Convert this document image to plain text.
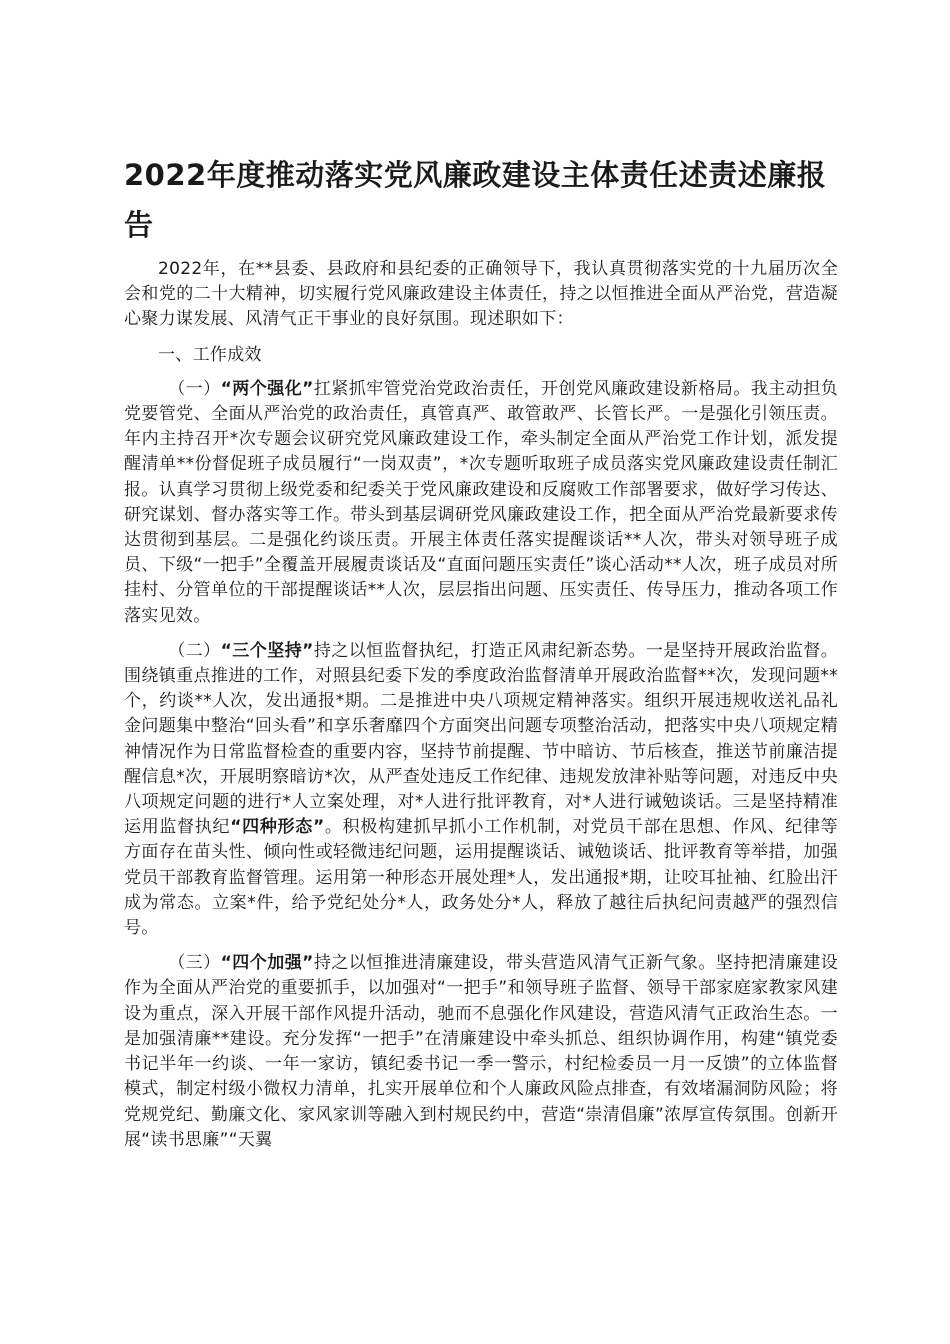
2022年度推动落实党风廉政建设主体责任述责述廉报告

2022年，在**县委、县政府和县纪委的正确领导下，我认真贯彻落实党的十九届历次全会和党的二十大精神，切实履行党风廉政建设主体责任，持之以恒推进全面从严治党，营造凝心聚力谋发展、风清气正干事业的良好氛围。现述职如下：

一、工作成效

（一）“两个强化”扛紧抓牢管党治党政治责任，开创党风廉政建设新格局。我主动担负党要管党、全面从严治党的政治责任，真管真严、敢管敢严、长管长严。一是强化引领压责。年内主持召开*次专题会议研究党风廉政建设工作，牵头制定全面从严治党工作计划，派发提醒清单**份督促班子成员履行“一岗双责”，*次专题听取班子成员落实党风廉政建设责任制汇报。认真学习贯彻上级党委和纪委关于党风廉政建设和反腐败工作部署要求，做好学习传达、研究谋划、督办落实等工作。带头到基层调研党风廉政建设工作，把全面从严治党最新要求传达贯彻到基层。二是强化约谈压责。开展主体责任落实提醒谈话**人次，带头对领导班子成员、下级“一把手”全覆盖开展履责谈话及“直面问题压实责任”谈心活动**人次，班子成员对所挂村、分管单位的干部提醒谈话**人次，层层指出问题、压实责任、传导压力，推动各项工作落实见效。

（二）“三个坚持”持之以恒监督执纪，打造正风肃纪新态势。一是坚持开展政治监督。围绕镇重点推进的工作，对照县纪委下发的季度政治监督清单开展政治监督**次，发现问题**个，约谈**人次，发出通报*期。二是推进中央八项规定精神落实。组织开展违规收送礼品礼金问题集中整治“回头看”和享乐奢靡四个方面突出问题专项整治活动，把落实中央八项规定精神情况作为日常监督检查的重要内容，坚持节前提醒、节中暗访、节后核查，推送节前廉洁提醒信息*次，开展明察暗访*次，从严查处违反工作纪律、违规发放津补贴等问题，对违反中央八项规定问题的进行*人立案处理，对*人进行批评教育，对*人进行诫勉谈话。三是坚持精准运用监督执纪“四种形态”。积极构建抓早抓小工作机制，对党员干部在思想、作风、纪律等方面存在苗头性、倾向性或轻微违纪问题，运用提醒谈话、诫勉谈话、批评教育等举措，加强党员干部教育监督管理。运用第一种形态开展处理*人，发出通报*期，让咬耳扯袖、红脸出汗成为常态。立案*件，给予党纪处分*人，政务处分*人，释放了越往后执纪问责越严的强烈信号。

（三）“四个加强”持之以恒推进清廉建设，带头营造风清气正新气象。坚持把清廉建设作为全面从严治党的重要抓手，以加强对“一把手”和领导班子监督、领导干部家庭家教家风建设为重点，深入开展干部作风提升活动，驰而不息强化作风建设，营造风清气正政治生态。一是加强清廉**建设。充分发挥“一把手”在清廉建设中牵头抓总、组织协调作用，构建“镇党委书记半年一约谈、一年一家访，镇纪委书记一季一警示，村纪检委员一月一反馈”的立体监督模式，制定村级小微权力清单，扎实开展单位和个人廉政风险点排查，有效堵漏洞防风险；将党规党纪、勤廉文化、家风家训等融入到村规民约中，营造“崇清倡廉”浓厚宣传氛围。创新开展“读书思廉”“天翼
